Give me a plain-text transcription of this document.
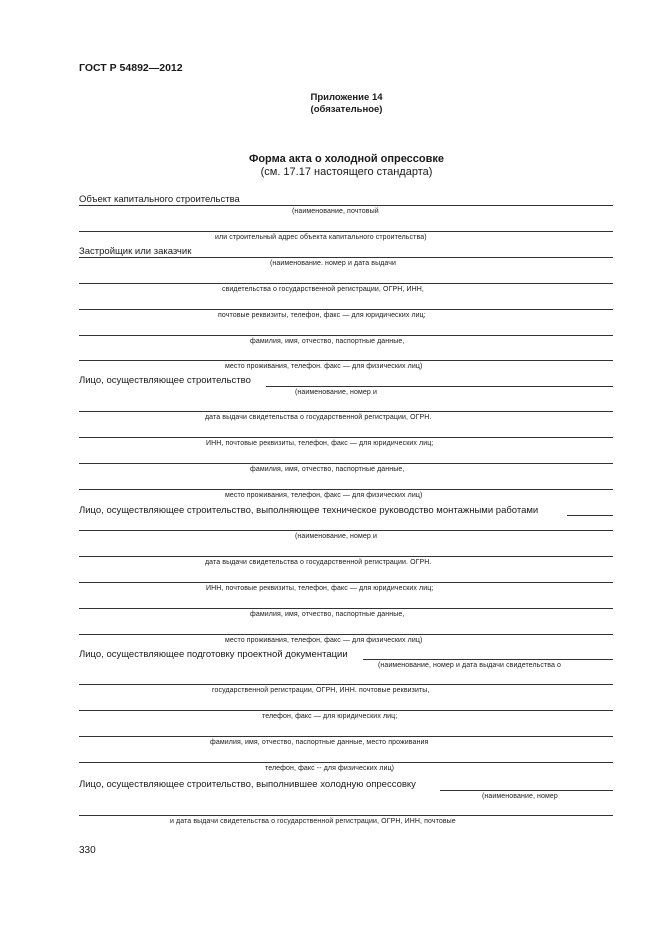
ГОСТ Р 54892—2012
Приложение 14
(обязательное)
Форма акта о холодной опрессовке
(см. 17.17 настоящего стандарта)
Объект капитального строительства
(наименование, почтовый
или строительный адрес объекта капитального строительства)
Застройщик или заказчик
(наименование. номер и дата выдачи
свидетельства о государственной регистрации, ОГРН, ИНН,
почтовые реквизиты, телефон, факс — для юридических лиц;
фамилия, имя, отчество, паспортные данные,
место проживания, телефон. факс — для физических лиц)
Лицо, осуществляющее строительство
(наименование, номер и
дата выдачи свидетельства о государственной регистрации, ОГРН.
ИНН, почтовые реквизиты, телефон, факс — для юридических лиц;
фамилия, имя, отчество, паспортные данные,
место проживания, телефон, факс — для физических лиц)
Лицо, осуществляющее строительство, выполняющее техническое руководство монтажными работами
(наименование, номер и
дата выдачи свидетельства о государственной регистрации. ОГРН.
ИНН, почтовые реквизиты, телефон, факс — для юридических лиц;
фамилия, имя, отчество, паспортные данные,
место проживания, телефон, факс — для физических лиц)
Лицо, осуществляющее подготовку проектной документации
(наименование, номер и дата выдачи свидетельства о
государственной регистрации, ОГРН, ИНН. почтовые реквизиты,
телефон, факс — для юридических лиц;
фамилия, имя, отчество, паспортные данные, место проживания
телефон, факс -- для физических лиц)
Лицо, осуществляющее строительство, выполнившее холодную опрессовку
(наименование, номер
и дата выдачи свидетельства о государственной регистрации, ОГРН, ИНН, почтовые
330
